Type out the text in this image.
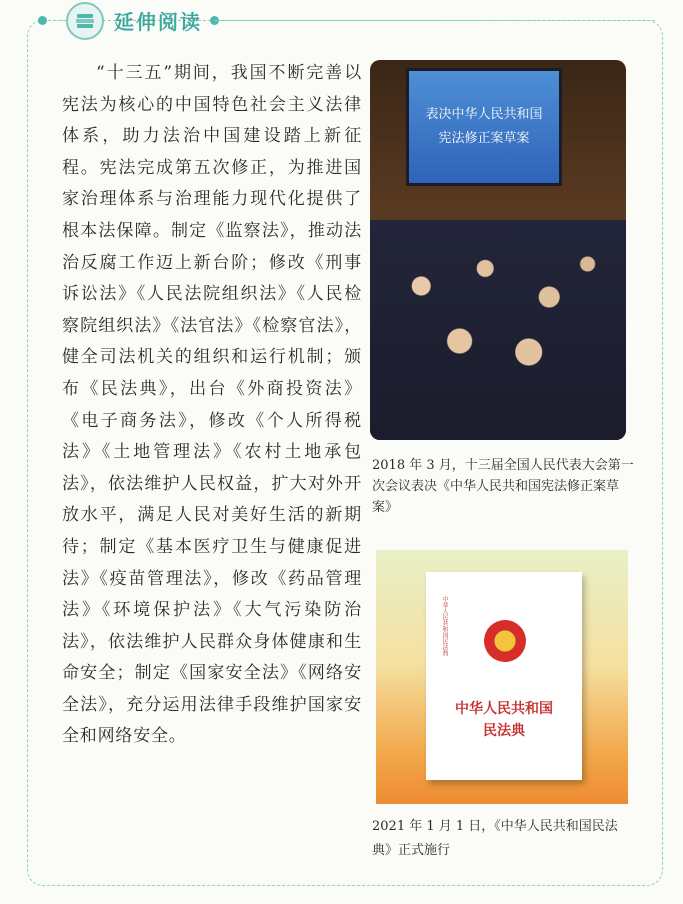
延伸阅读

“十三五”期间，我国不断完善以宪法为核心的中国特色社会主义法律体系，助力法治中国建设踏上新征程。宪法完成第五次修正，为推进国家治理体系与治理能力现代化提供了根本法保障。制定《监察法》，推动法治反腐工作迈上新台阶；修改《刑事诉讼法》《人民法院组织法》《人民检察院组织法》《法官法》《检察官法》，健全司法机关的组织和运行机制；颁布《民法典》，出台《外商投资法》《电子商务法》，修改《个人所得税法》《土地管理法》《农村土地承包法》，依法维护人民权益，扩大对外开放水平，满足人民对美好生活的新期待；制定《基本医疗卫生与健康促进法》《疫苗管理法》，修改《药品管理法》《环境保护法》《大气污染防治法》，依法维护人民群众身体健康和生命安全；制定《国家安全法》《网络安全法》，充分运用法律手段维护国家安全和网络安全。

表决中华人民共和国
宪法修正案草案

2018 年 3 月，十三届全国人民代表大会第一次会议表决《中华人民共和国宪法修正案草案》

中华人民共和国民法典
中华人民共和国
民法典

2021 年 1 月 1 日，《中华人民共和国民法典》正式施行
